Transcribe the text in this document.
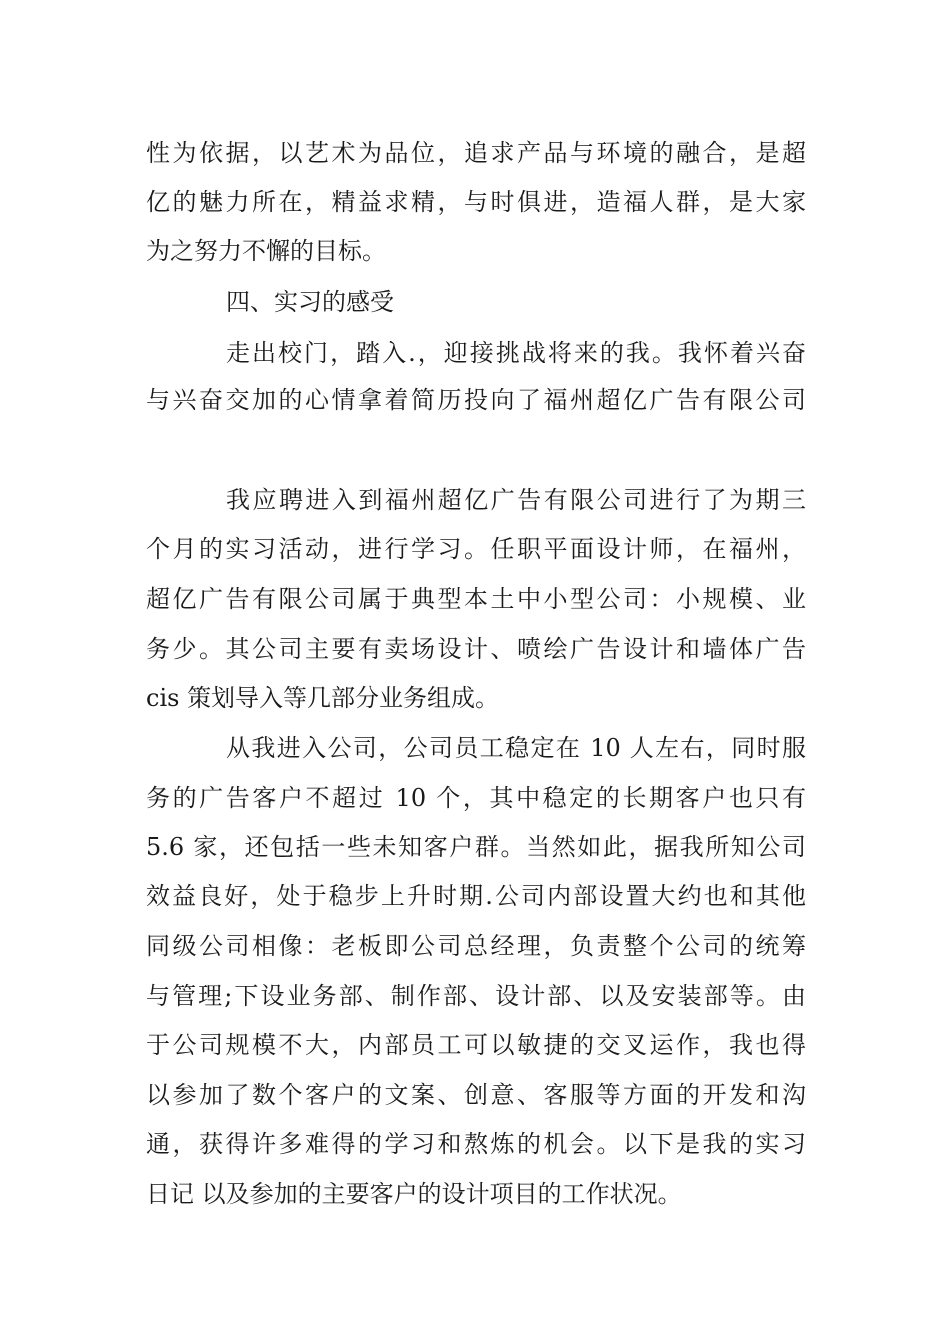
性为依据，以艺术为品位，追求产品与环境的融合，是超
亿的魅力所在，精益求精，与时俱进，造福人群，是大家
为之努力不懈的目标。
四、实习的感受
走出校门，踏入.，迎接挑战将来的我。我怀着兴奋
与兴奋交加的心情拿着简历投向了福州超亿广告有限公司
我应聘进入到福州超亿广告有限公司进行了为期三
个月的实习活动，进行学习。任职平面设计师，在福州，
超亿广告有限公司属于典型本土中小型公司：小规模、业
务少。其公司主要有卖场设计、喷绘广告设计和墙体广告
cis 策划导入等几部分业务组成。
从我进入公司，公司员工稳定在 10 人左右，同时服
务的广告客户不超过 10 个，其中稳定的长期客户也只有
5.6 家，还包括一些未知客户群。当然如此，据我所知公司
效益良好，处于稳步上升时期.公司内部设置大约也和其他
同级公司相像：老板即公司总经理，负责整个公司的统筹
与管理;下设业务部、制作部、设计部、以及安装部等。由
于公司规模不大，内部员工可以敏捷的交叉运作，我也得
以参加了数个客户的文案、创意、客服等方面的开发和沟
通，获得许多难得的学习和熬炼的机会。以下是我的实习
日记 以及参加的主要客户的设计项目的工作状况。
